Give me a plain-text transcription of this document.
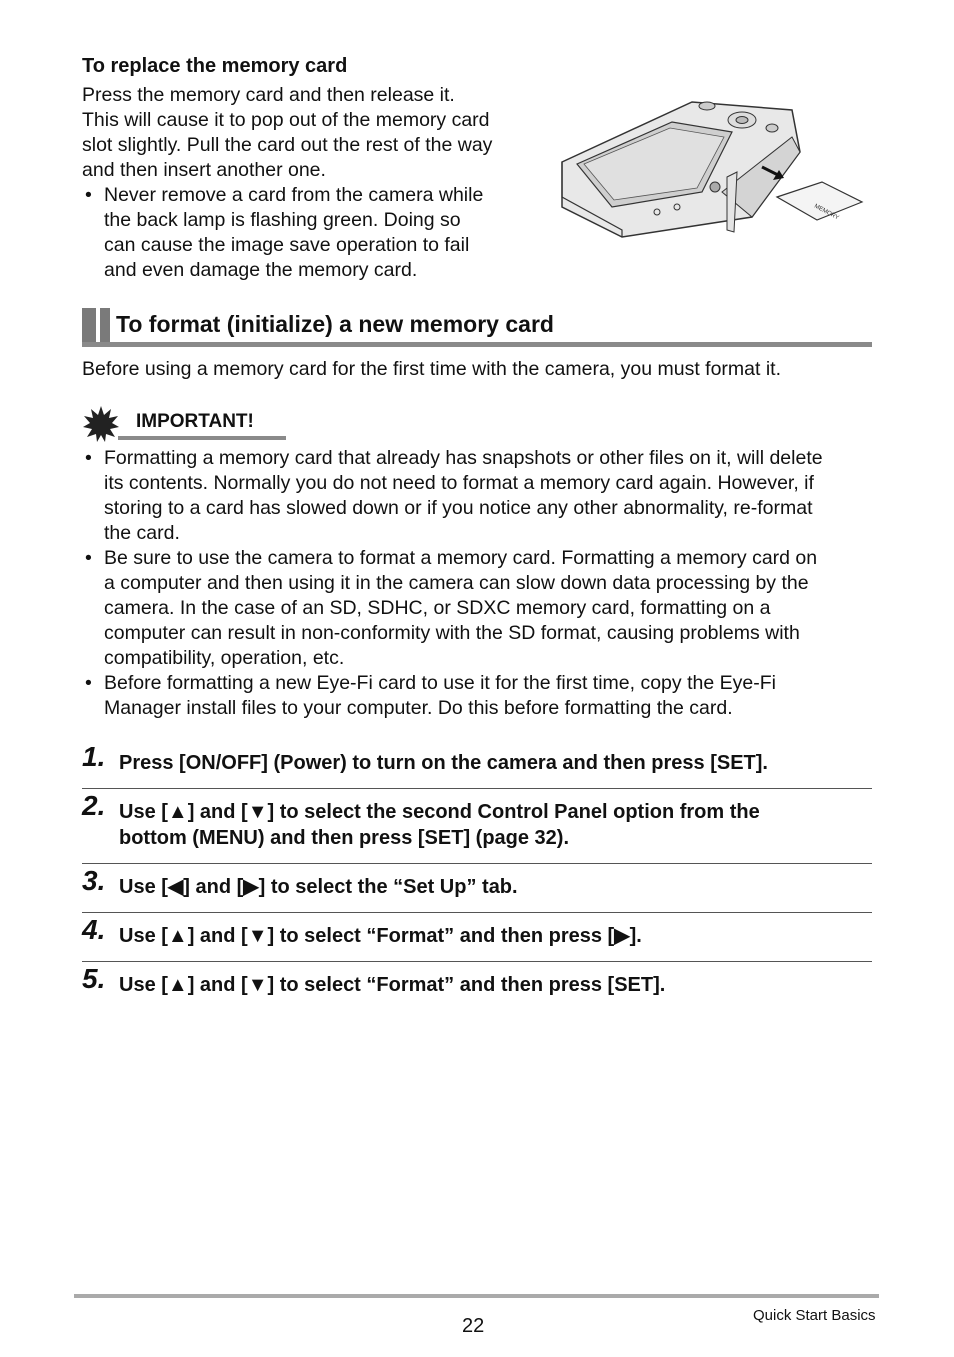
To replace the memory card
Press the memory card and then release it.
This will cause it to pop out of the memory card
slot slightly. Pull the card out the rest of the way
and then insert another one.
• Never remove a card from the camera while
the back lamp is flashing green. Doing so
can cause the image save operation to fail
and even damage the memory card.
MEMORY
To format (initialize) a new memory card
Before using a memory card for the first time with the camera, you must format it.
IMPORTANT!
• Formatting a memory card that already has snapshots or other files on it, will delete
its contents. Normally you do not need to format a memory card again. However, if
storing to a card has slowed down or if you notice any other abnormality, re-format
the card.
• Be sure to use the camera to format a memory card. Formatting a memory card on
a computer and then using it in the camera can slow down data processing by the
camera. In the case of an SD, SDHC, or SDXC memory card, formatting on a
computer can result in non-conformity with the SD format, causing problems with
compatibility, operation, etc.
• Before formatting a new Eye-Fi card to use it for the first time, copy the Eye-Fi
Manager install files to your computer. Do this before formatting the card.
1. Press [ON/OFF] (Power) to turn on the camera and then press [SET].
2. Use [▲] and [▼] to select the second Control Panel option from the
bottom (MENU) and then press [SET] (page 32).
3. Use [◀] and [▶] to select the “Set Up” tab.
4. Use [▲] and [▼] to select “Format” and then press [▶].
5. Use [▲] and [▼] to select “Format” and then press [SET].
22	Quick Start Basics
